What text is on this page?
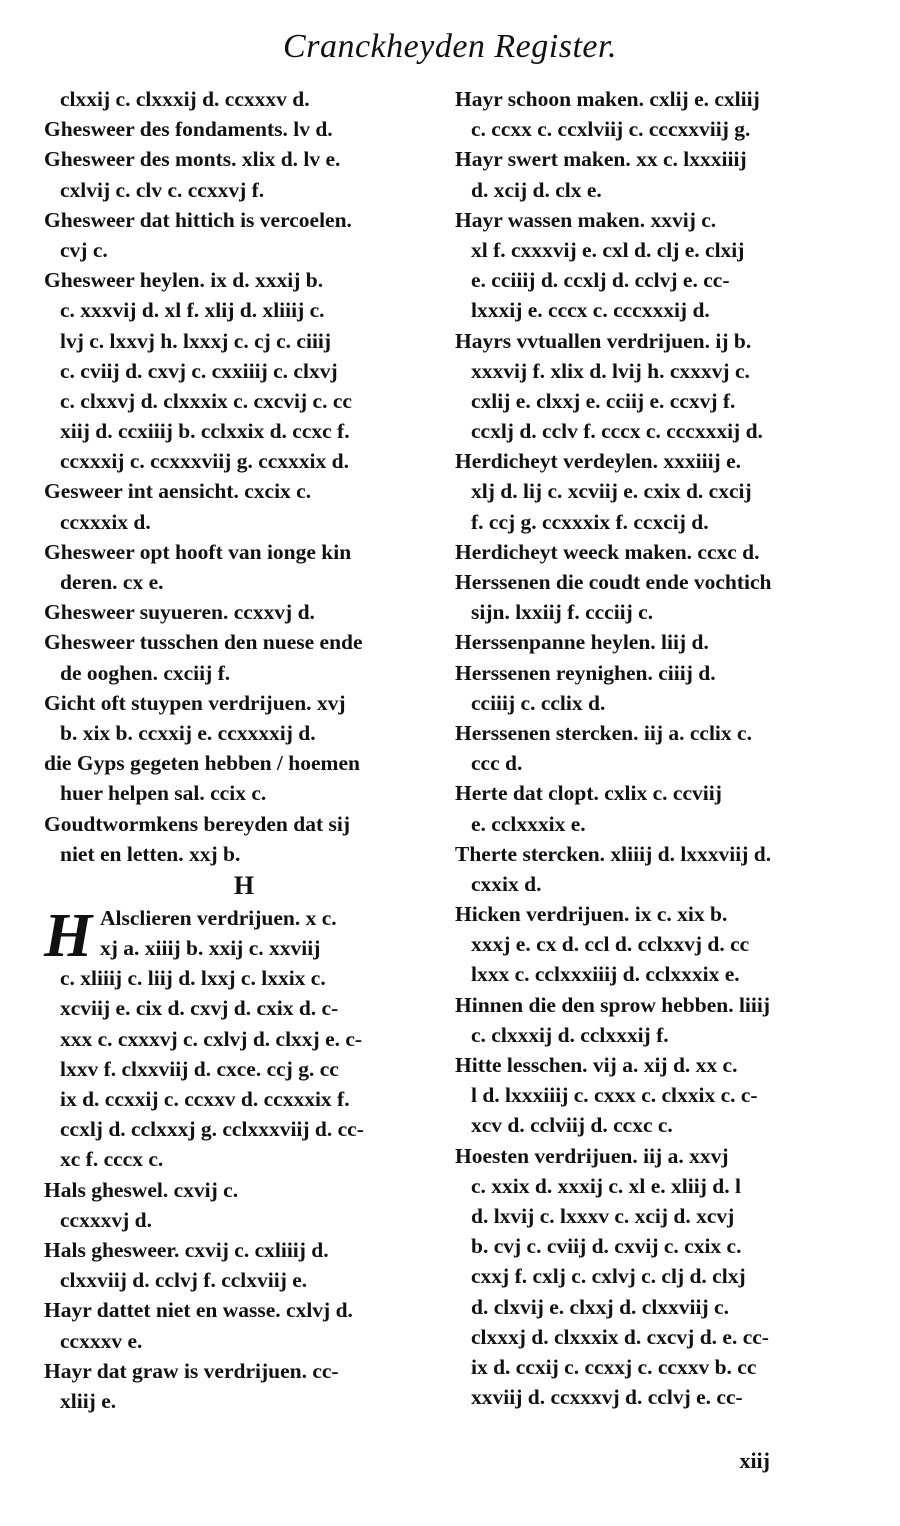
Cranckheyden Register.
clxxij c. clxxxij d. ccxxxv d.
Ghesweer des fondaments. lv d.
Ghesweer des monts. xlix d. lv e.
cxlvij c. clv c. ccxxvj f.
Ghesweer dat hittich is vercoelen.
cvj c.
Ghesweer heylen. ix d. xxxij b.
c. xxxvij d. xl f. xlij d. xliiij c.
lvj c. lxxvj h. lxxxj c. cj c. ciiij
c. cviij d. cxvj c. cxxiiij c. clxvj
c. clxxvj d. clxxxix c. cxcvij c. cc
xiij d. ccxiiij b. cclxxix d. ccxc f.
ccxxxij c. ccxxxviij g. ccxxxix d.
Gesweer int aensicht. cxcix c.
ccxxxix d.
Ghesweer opt hooft van ionge kin
deren. cx e.
Ghesweer suyueren. ccxxvj d.
Ghesweer tusschen den nuese ende
de ooghen. cxciij f.
Gicht oft stuypen verdrijuen. xvj
b. xix b. ccxxij e. ccxxxxij d.
die Gyps gegeten hebben / hoemen
huer helpen sal. ccix c.
Goudtwormkens bereyden dat sij
niet en letten. xxj b.
H
H Alsclieren verdrijuen. x c.
xj a. xiiij b. xxij c. xxviij
c. xliiij c. liij d. lxxj c. lxxix c.
xcviij e. cix d. cxvj d. cxix d. c-
xxx c. cxxxvj c. cxlvj d. clxxj e. c-
lxxv f. clxxviij d. cxce. ccj g. cc
ix d. ccxxij c. ccxxv d. ccxxxix f.
ccxlj d. cclxxxj g. cclxxxviij d. cc-
xc f. cccx c.
Hals gheswel. cxvij c.
ccxxxvj d.
Hals ghesweer. cxvij c. cxliiij d.
clxxviij d. cclvj f. cclxviij e.
Hayr dattet niet en wasse. cxlvj d.
ccxxxv e.
Hayr dat graw is verdrijuen. cc-
xliij e.
Hayr schoon maken. cxlij e. cxliij
c. ccxx c. ccxlviij c. cccxxviij g.
Hayr swert maken. xx c. lxxxiiij
d. xcij d. clx e.
Hayr wassen maken. xxvij c.
xl f. cxxxvij e. cxl d. clj e. clxij
e. cciiij d. ccxlj d. cclvj e. cc-
lxxxij e. cccx c. cccxxxij d.
Hayrs vvtuallen verdrijuen. ij b.
xxxvij f. xlix d. lvij h. cxxxvj c.
cxlij e. clxxj e. cciij e. ccxvj f.
ccxlj d. cclv f. cccx c. cccxxxij d.
Herdicheyt verdeylen. xxxiiij e.
xlj d. lij c. xcviij e. cxix d. cxcij
f. ccj g. ccxxxix f. ccxcij d.
Herdicheyt weeck maken. ccxc d.
Herssenen die coudt ende vochtich
sijn. lxxiij f. ccciij c.
Herssenpanne heylen. liij d.
Herssenen reynighen. ciiij d.
cciiij c. cclix d.
Herssenen stercken. iij a. cclix c.
ccc d.
Herte dat clopt. cxlix c. ccviij
e. cclxxxix e.
Therte stercken. xliiij d. lxxxviij d.
cxxix d.
Hicken verdrijuen. ix c. xix b.
xxxj e. cx d. ccl d. cclxxvj d. cc
lxxx c. cclxxxiiij d. cclxxxix e.
Hinnen die den sprow hebben. liiij
c. clxxxij d. cclxxxij f.
Hitte lesschen. vij a. xij d. xx c.
l d. lxxxiiij c. cxxx c. clxxix c. c-
xcv d. cclviij d. ccxc c.
Hoesten verdrijuen. iij a. xxvj
c. xxix d. xxxij c. xl e. xliij d. l
d. lxvij c. lxxxv c. xcij d. xcvj
b. cvj c. cviij d. cxvij c. cxix c.
cxxj f. cxlj c. cxlvj c. clj d. clxj
d. clxvij e. clxxj d. clxxviij c.
clxxxj d. clxxxix d. cxcvj d. e. cc-
ix d. ccxij c. ccxxj c. ccxxv b. cc
xxviij d. ccxxxvj d. cclvj e. cc-
xiij
